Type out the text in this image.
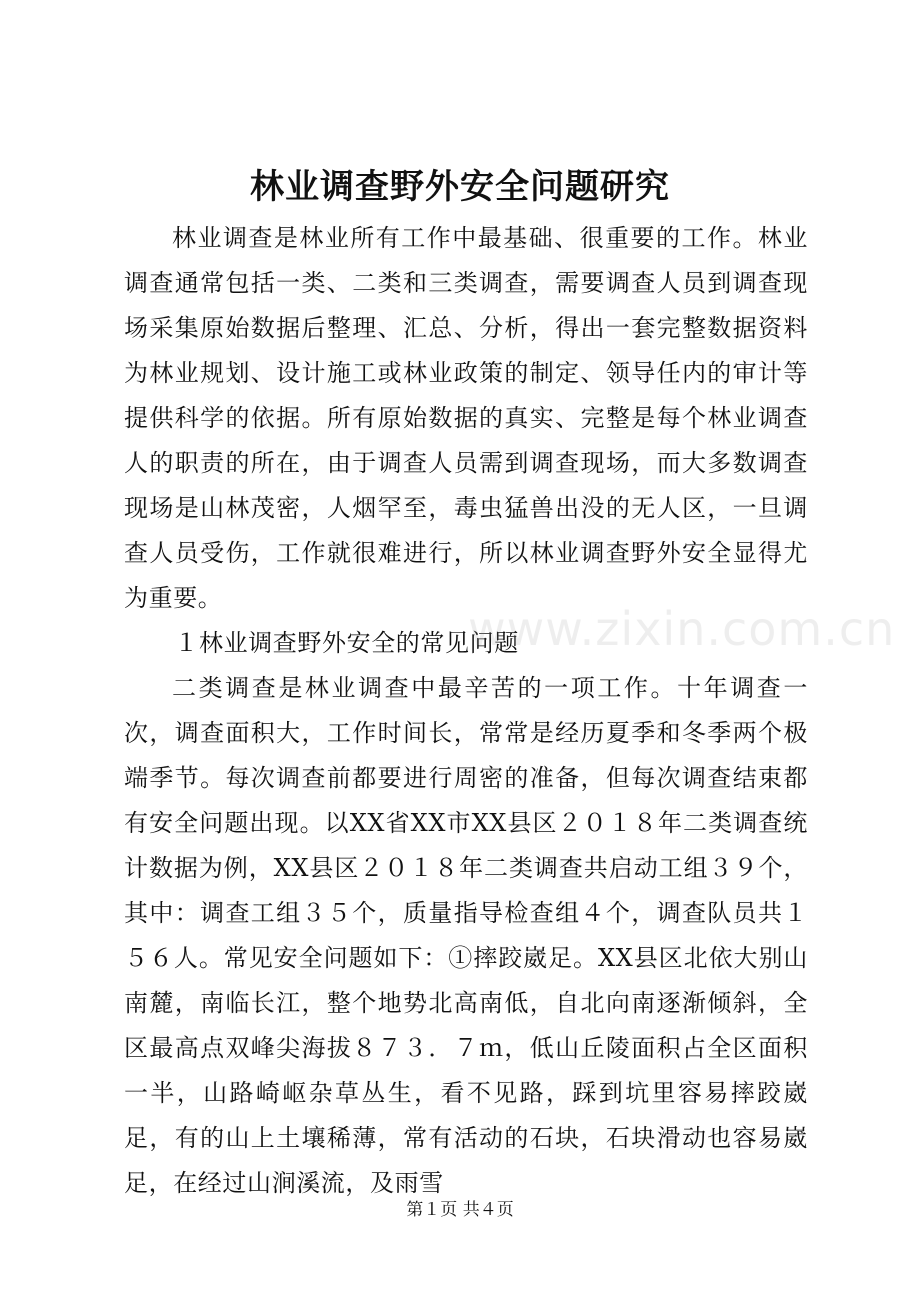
林业调查野外安全问题研究

林业调查是林业所有工作中最基础、很重要的工作。林业调查通常包括一类、二类和三类调查，需要调查人员到调查现场采集原始数据后整理、汇总、分析，得出一套完整数据资料为林业规划、设计施工或林业政策的制定、领导任内的审计等提供科学的依据。所有原始数据的真实、完整是每个林业调查人的职责的所在，由于调查人员需到调查现场，而大多数调查现场是山林茂密，人烟罕至，毒虫猛兽出没的无人区，一旦调查人员受伤，工作就很难进行，所以林业调查野外安全显得尤为重要。

１林业调查野外安全的常见问题

二类调查是林业调查中最辛苦的一项工作。十年调查一次，调查面积大，工作时间长，常常是经历夏季和冬季两个极端季节。每次调查前都要进行周密的准备，但每次调查结束都有安全问题出现。以XX省XX市XX县区２０１８年二类调查统计数据为例，XX县区２０１８年二类调查共启动工组３９个，其中：调查工组３５个，质量指导检查组４个，调查队员共１５６人。常见安全问题如下：①摔跤崴足。XX县区北依大别山南麓，南临长江，整个地势北高南低，自北向南逐渐倾斜，全区最高点双峰尖海拔８７３．７ｍ，低山丘陵面积占全区面积一半，山路崎岖杂草丛生，看不见路，踩到坑里容易摔跤崴足，有的山上土壤稀薄，常有活动的石块，石块滑动也容易崴足，在经过山涧溪流，及雨雪

www.zixin.com.cn
第１页 共４页
